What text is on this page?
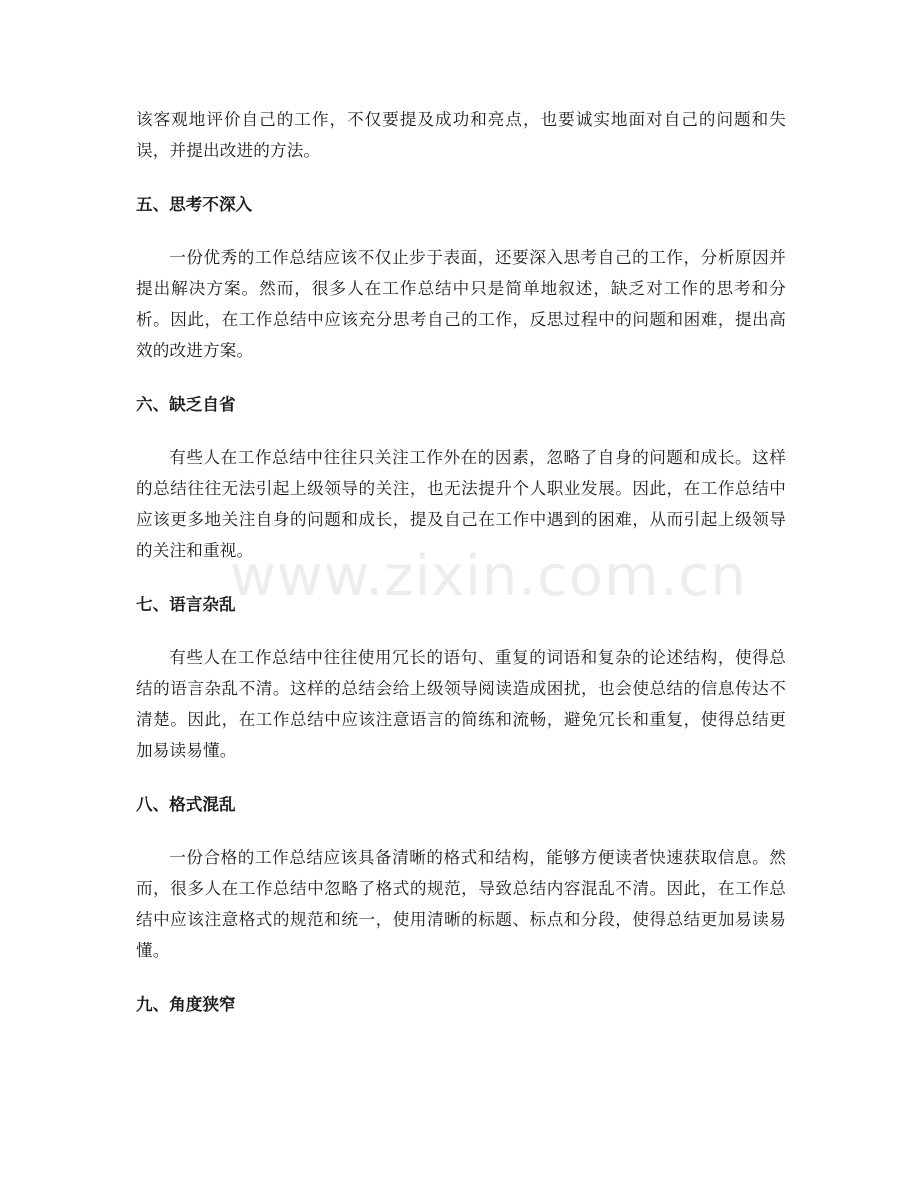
该客观地评价自己的工作，不仅要提及成功和亮点，也要诚实地面对自己的问题和失误，并提出改进的方法。

五、思考不深入

一份优秀的工作总结应该不仅止步于表面，还要深入思考自己的工作，分析原因并提出解决方案。然而，很多人在工作总结中只是简单地叙述，缺乏对工作的思考和分析。因此，在工作总结中应该充分思考自己的工作，反思过程中的问题和困难，提出高效的改进方案。

六、缺乏自省

有些人在工作总结中往往只关注工作外在的因素，忽略了自身的问题和成长。这样的总结往往无法引起上级领导的关注，也无法提升个人职业发展。因此，在工作总结中应该更多地关注自身的问题和成长，提及自己在工作中遇到的困难，从而引起上级领导的关注和重视。

七、语言杂乱

有些人在工作总结中往往使用冗长的语句、重复的词语和复杂的论述结构，使得总结的语言杂乱不清。这样的总结会给上级领导阅读造成困扰，也会使总结的信息传达不清楚。因此，在工作总结中应该注意语言的简练和流畅，避免冗长和重复，使得总结更加易读易懂。

八、格式混乱

一份合格的工作总结应该具备清晰的格式和结构，能够方便读者快速获取信息。然而，很多人在工作总结中忽略了格式的规范，导致总结内容混乱不清。因此，在工作总结中应该注意格式的规范和统一，使用清晰的标题、标点和分段，使得总结更加易读易懂。

九、角度狭窄
www.zixin.com.cn
